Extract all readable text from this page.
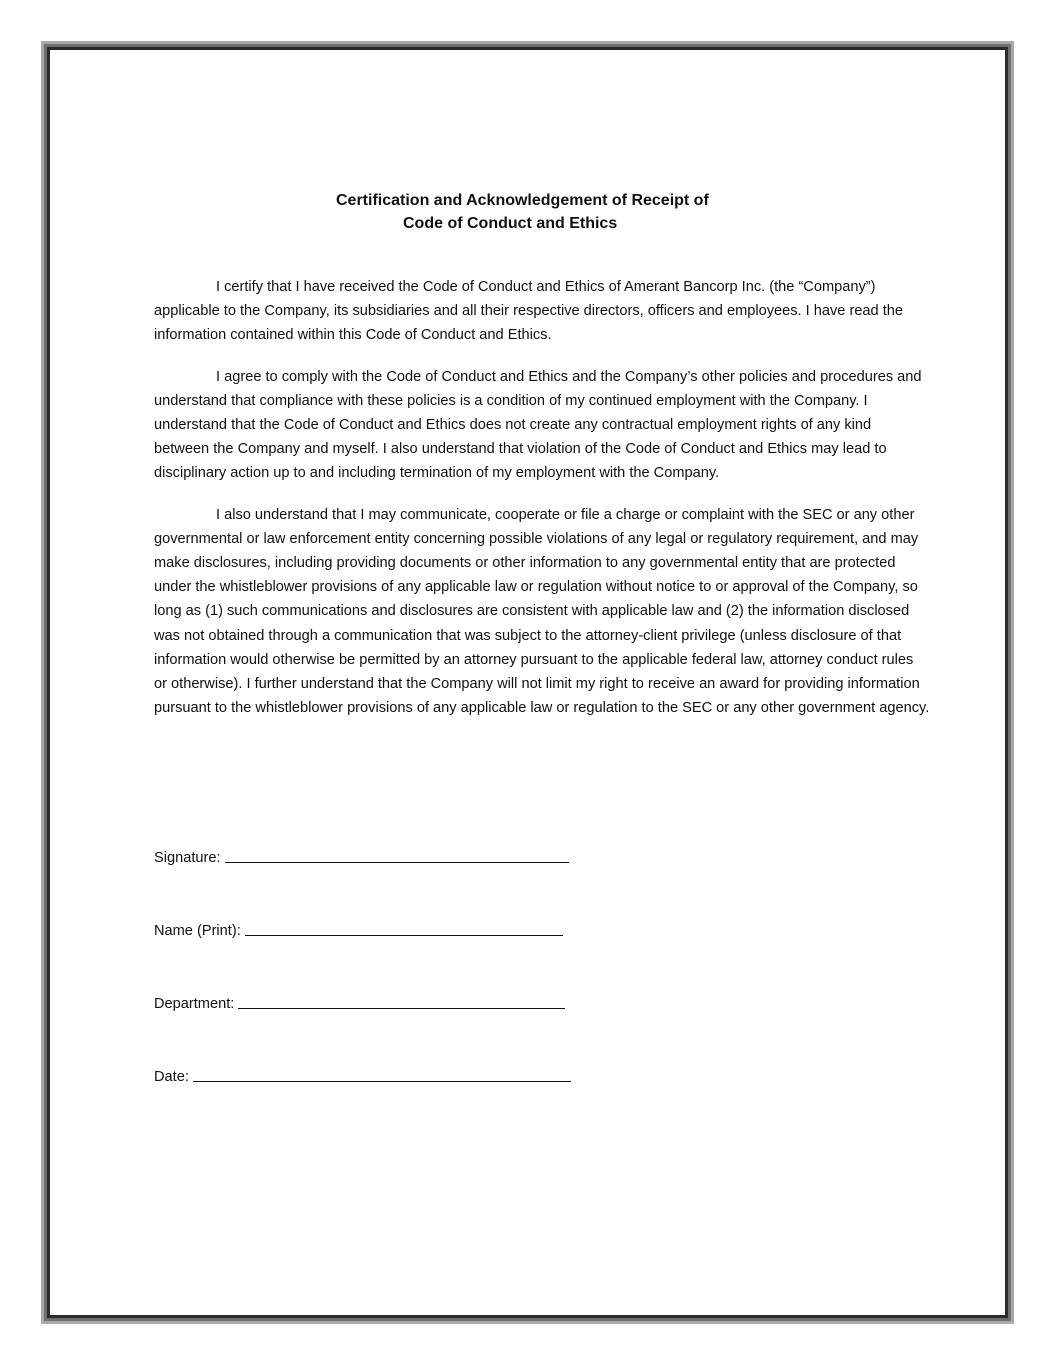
Certification and Acknowledgement of Receipt of
Code of Conduct and Ethics

I certify that I have received the Code of Conduct and Ethics of Amerant Bancorp Inc. (the “Company”) applicable to the Company, its subsidiaries and all their respective directors, officers and employees. I have read the information contained within this Code of Conduct and Ethics.

I agree to comply with the Code of Conduct and Ethics and the Company’s other policies and procedures and understand that compliance with these policies is a condition of my continued employment with the Company. I understand that the Code of Conduct and Ethics does not create any contractual employment rights of any kind between the Company and myself. I also understand that violation of the Code of Conduct and Ethics may lead to disciplinary action up to and including termination of my employment with the Company.

I also understand that I may communicate, cooperate or file a charge or complaint with the SEC or any other governmental or law enforcement entity concerning possible violations of any legal or regulatory requirement, and may make disclosures, including providing documents or other information to any governmental entity that are protected under the whistleblower provisions of any applicable law or regulation without notice to or approval of the Company, so long as (1) such communications and disclosures are consistent with applicable law and (2) the information disclosed was not obtained through a communication that was subject to the attorney-client privilege (unless disclosure of that information would otherwise be permitted by an attorney pursuant to the applicable federal law, attorney conduct rules or otherwise). I further understand that the Company will not limit my right to receive an award for providing information pursuant to the whistleblower provisions of any applicable law or regulation to the SEC or any other government agency.

Signature:
Name (Print):
Department:
Date:
